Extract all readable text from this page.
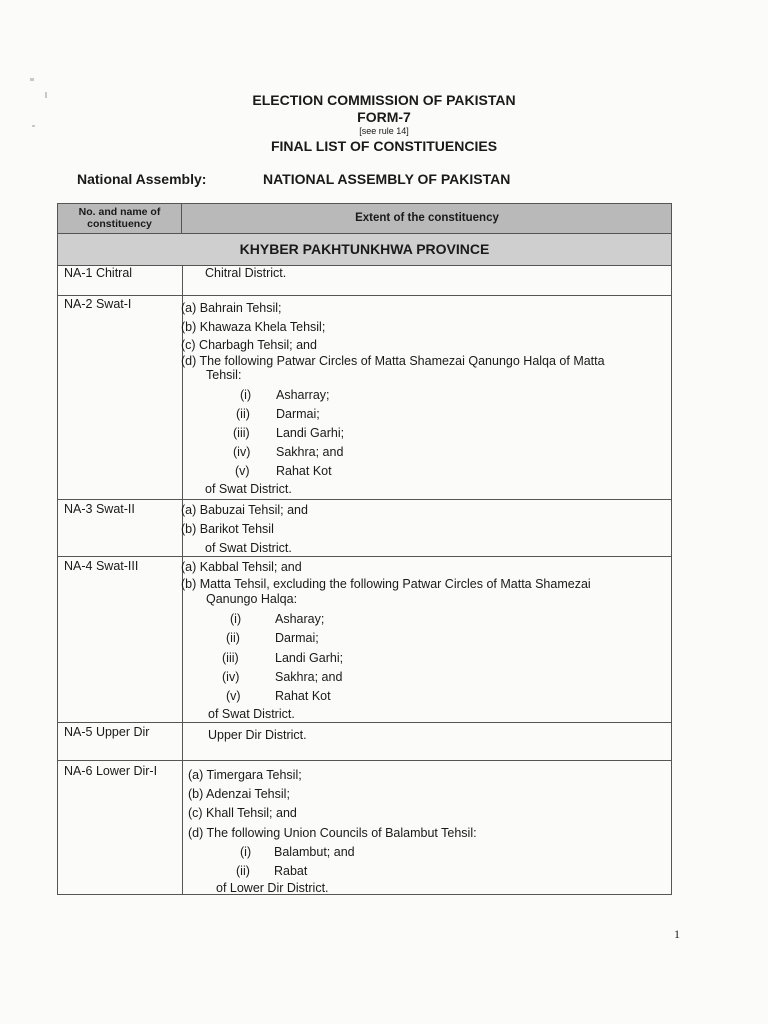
ELECTION COMMISSION OF PAKISTAN
FORM-7
[see rule 14]
FINAL LIST OF CONSTITUENCIES
National Assembly:	NATIONAL ASSEMBLY OF PAKISTAN
No. and name of constituency	Extent of the constituency
KHYBER PAKHTUNKHWA PROVINCE
NA-1 Chitral	Chitral District.
NA-2 Swat-I	(a) Bahrain Tehsil;
(b) Khawaza Khela Tehsil;
(c) Charbagh Tehsil; and
(d) The following Patwar Circles of Matta Shamezai Qanungo Halqa of Matta
Tehsil:
(i) Asharray;
(ii) Darmai;
(iii) Landi Garhi;
(iv) Sakhra; and
(v) Rahat Kot
of Swat District.
NA-3 Swat-II	(a) Babuzai Tehsil; and
(b) Barikot Tehsil
of Swat District.
NA-4 Swat-III	(a) Kabbal Tehsil; and
(b) Matta Tehsil, excluding the following Patwar Circles of Matta Shamezai
Qanungo Halqa:
(i)	Asharay;
(ii)	Darmai;
(iii)	Landi Garhi;
(iv)	Sakhra; and
(v)	Rahat Kot
of Swat District.
NA-5 Upper Dir	Upper Dir District.
NA-6 Lower Dir-I (a) Timergara Tehsil;
(b) Adenzai Tehsil;
(c) Khall Tehsil; and
(d) The following Union Councils of Balambut Tehsil:
(i) Balambut; and
(ii) Rabat
of Lower Dir District.
1
